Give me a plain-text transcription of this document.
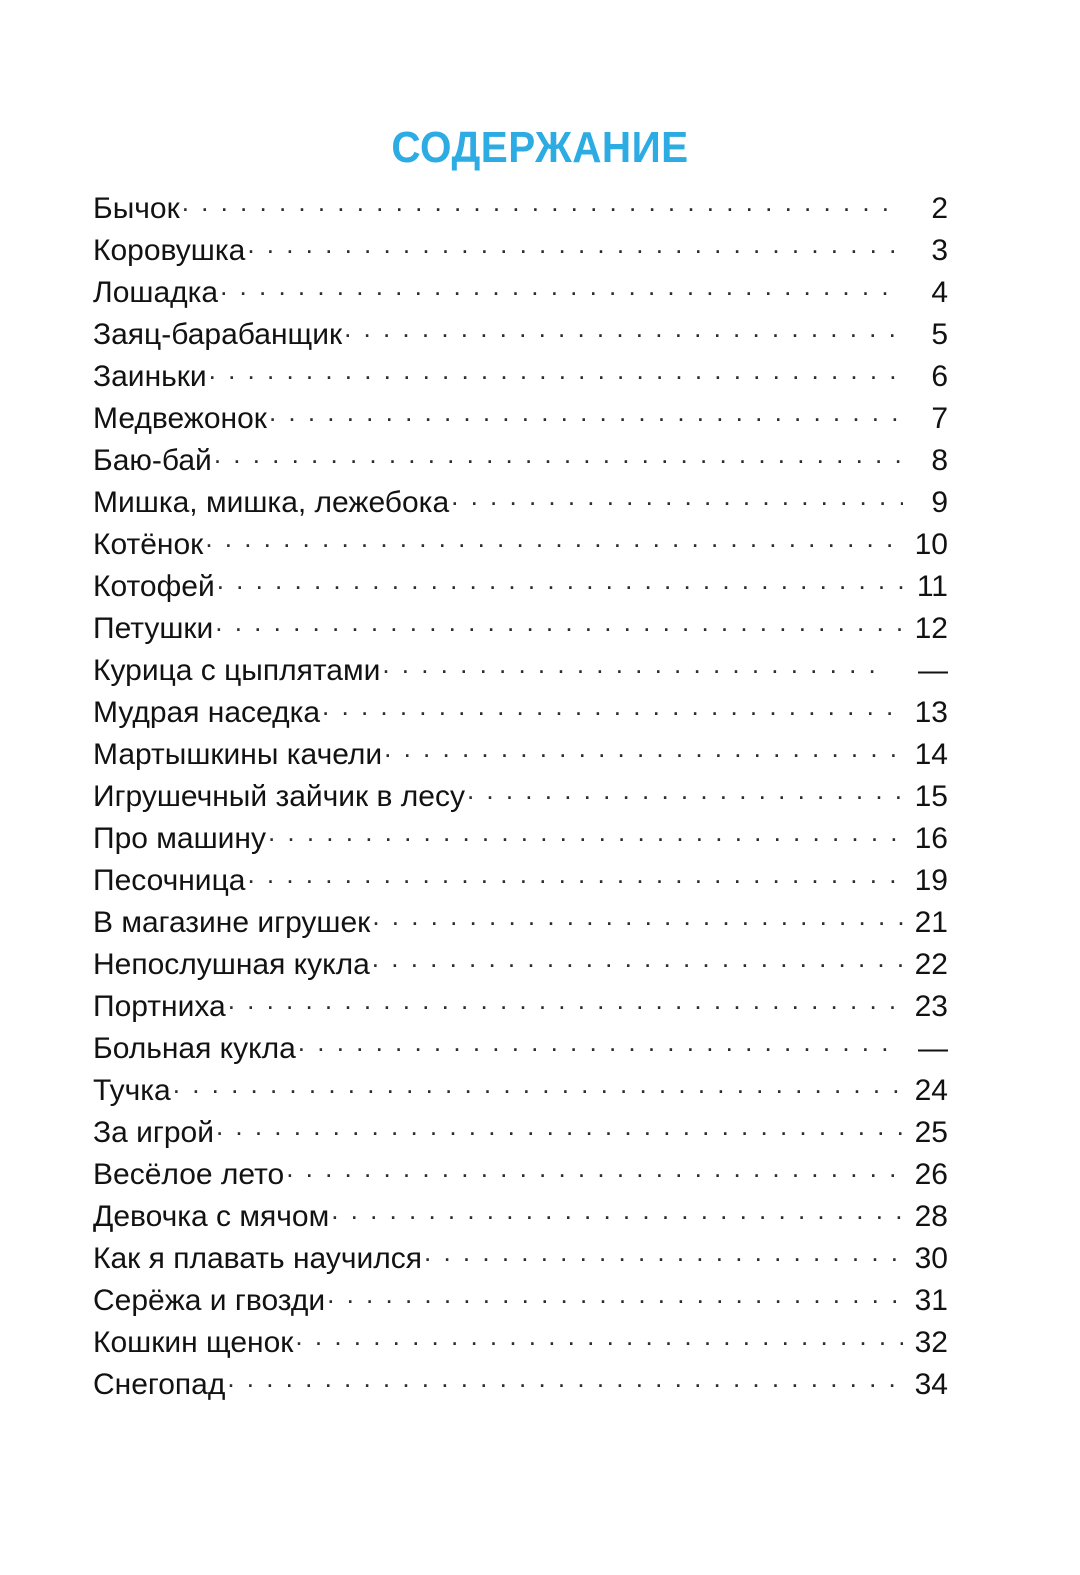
СОДЕРЖАНИЕ
Бычок . . .	2
Коровушка . . .	3
Лошадка . . .	4
Заяц-барабанщик . . .	5
Заиньки . . .	6
Медвежонок . . .	7
Баю-бай . . .	8
Мишка, мишка, лежебока . . .	9
Котёнок . . .	10
Котофей . . .	11
Петушки . . .	12
Курица с цыплятами . . .	—
Мудрая наседка . . .	13
Мартышкины качели . . .	14
Игрушечный зайчик в лесу . . .	15
Про машину . . .	16
Песочница . . .	19
В магазине игрушек . . .	21
Непослушная кукла . . .	22
Портниха . . .	23
Больная кукла . . .	—
Тучка . . .	24
За игрой . . .	25
Весёлое лето . . .	26
Девочка с мячом . . .	28
Как я плавать научился . . .	30
Серёжа и гвозди . . .	31
Кошкин щенок . . .	32
Снегопад . . .	34
